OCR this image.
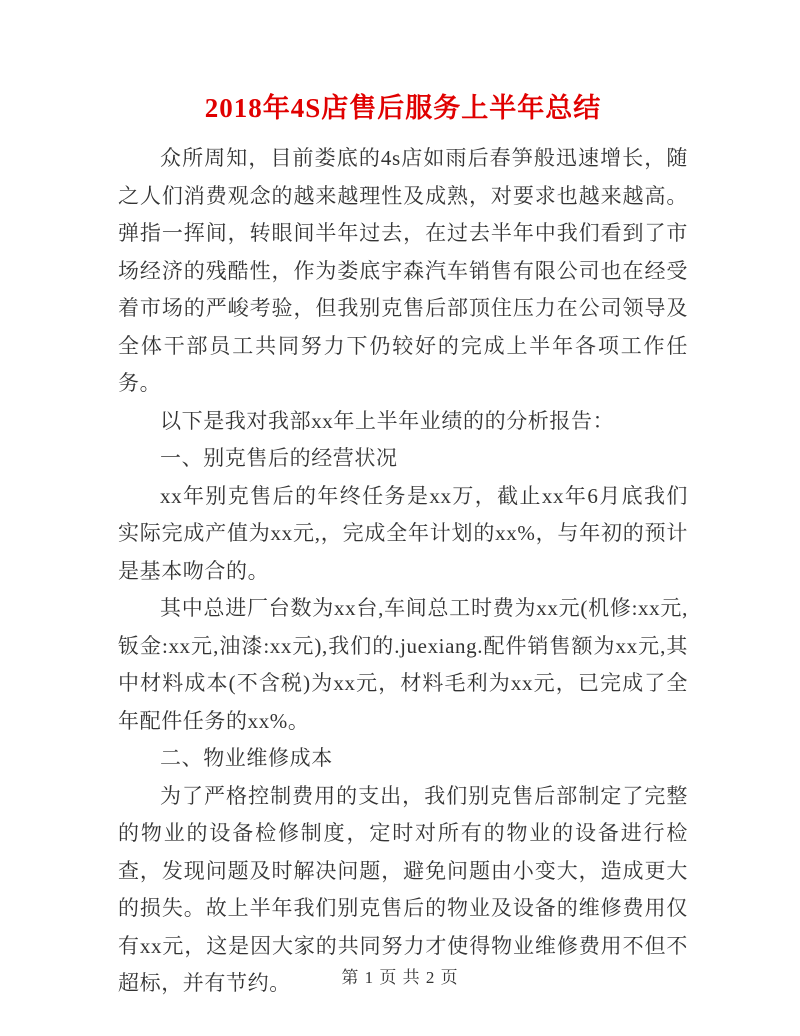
2018年4S店售后服务上半年总结

众所周知，目前娄底的4s店如雨后春笋般迅速增长，随之人们消费观念的越来越理性及成熟，对要求也越来越高。弹指一挥间，转眼间半年过去，在过去半年中我们看到了市场经济的残酷性，作为娄底宇森汽车销售有限公司也在经受着市场的严峻考验，但我别克售后部顶住压力在公司领导及全体干部员工共同努力下仍较好的完成上半年各项工作任务。

以下是我对我部xx年上半年业绩的的分析报告：

一、别克售后的经营状况

xx年别克售后的年终任务是xx万，截止xx年6月底我们实际完成产值为xx元,，完成全年计划的xx%，与年初的预计是基本吻合的。

其中总进厂台数为xx台,车间总工时费为xx元(机修:xx元,钣金:xx元,油漆:xx元),我们的.juexiang.配件销售额为xx元,其中材料成本(不含税)为xx元，材料毛利为xx元，已完成了全年配件任务的xx%。

二、物业维修成本

为了严格控制费用的支出，我们别克售后部制定了完整的物业的设备检修制度，定时对所有的物业的设备进行检查，发现问题及时解决问题，避免问题由小变大，造成更大的损失。故上半年我们别克售后的物业及设备的维修费用仅有xx元，这是因大家的共同努力才使得物业维修费用不但不超标，并有节约。	第 1 页 共 2 页
